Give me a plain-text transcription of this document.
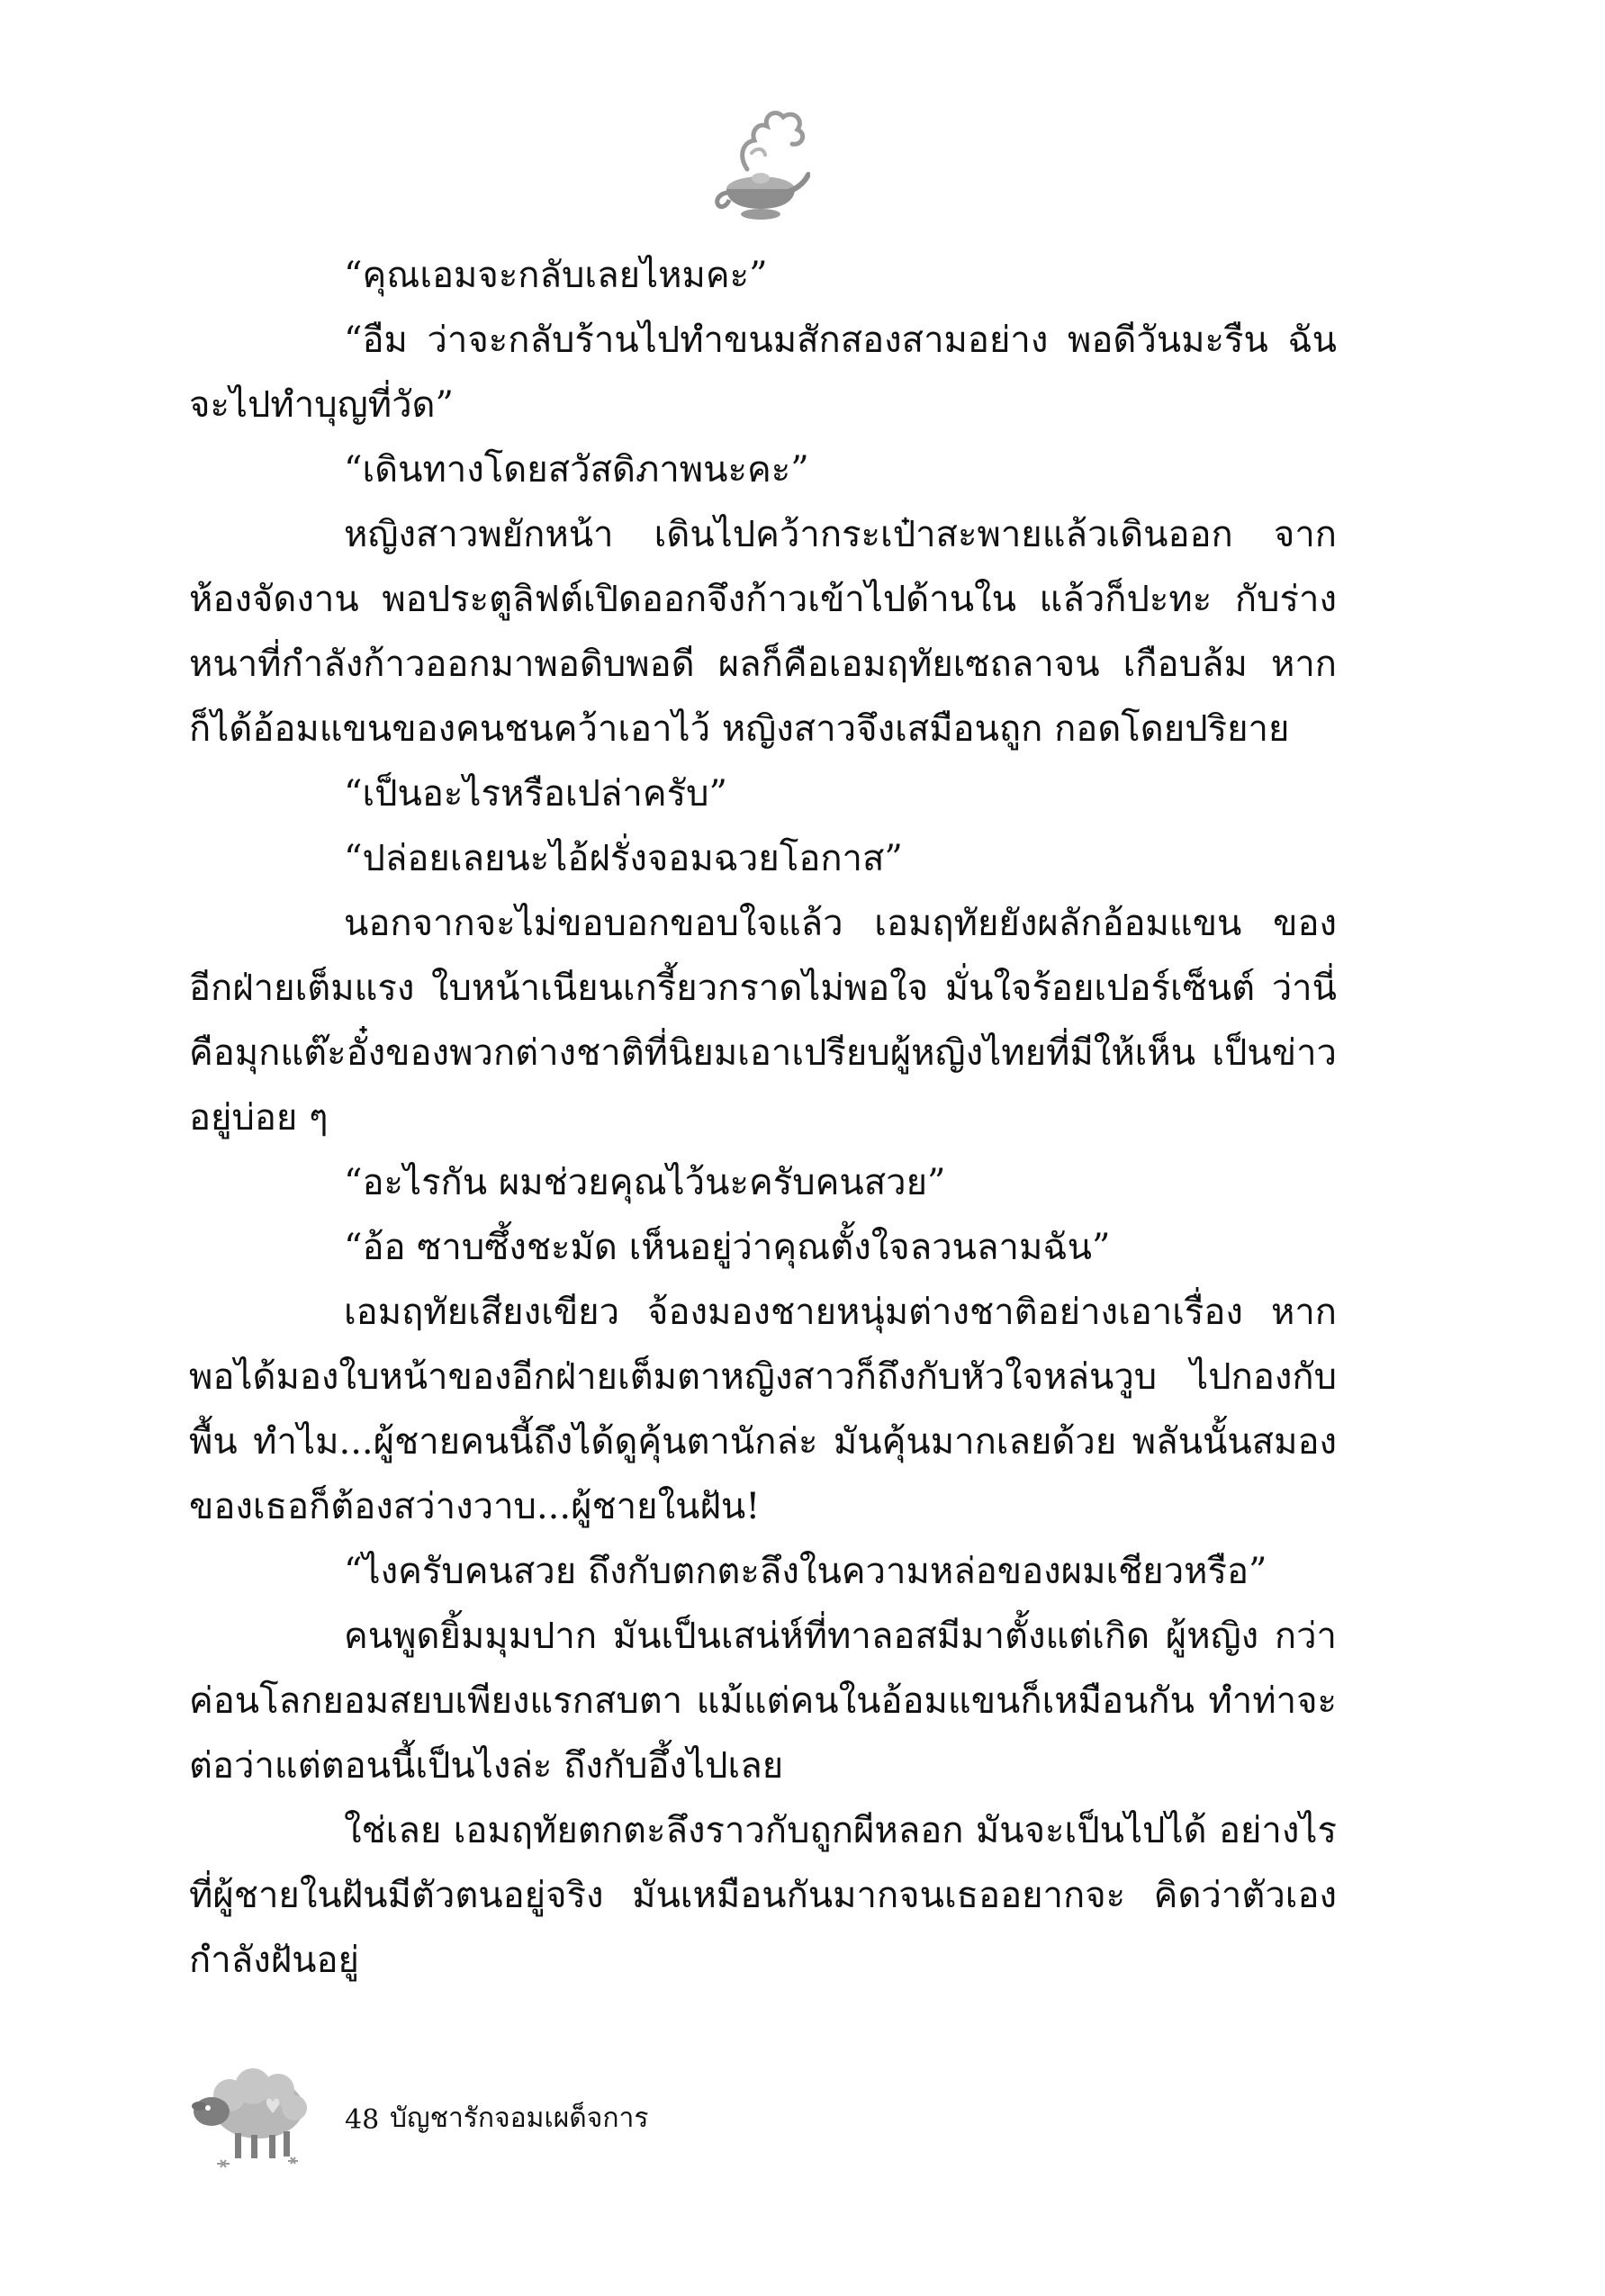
“คุณเอมจะกลับเลยไหมคะ”

“อืม ว่าจะกลับร้านไปทำขนมสักสองสามอย่าง พอดีวันมะรืน ฉันจะไปทำบุญที่วัด”

“เดินทางโดยสวัสดิภาพนะคะ”

หญิงสาวพยักหน้า เดินไปคว้ากระเป๋าสะพายแล้วเดินออก จากห้องจัดงาน พอประตูลิฟต์เปิดออกจึงก้าวเข้าไปด้านใน แล้วก็ปะทะ กับร่างหนาที่กำลังก้าวออกมาพอดิบพอดี ผลก็คือเอมฤทัยเซถลาจน เกือบล้ม หากก็ได้อ้อมแขนของคนชนคว้าเอาไว้ หญิงสาวจึงเสมือนถูก กอดโดยปริยาย

“เป็นอะไรหรือเปล่าครับ”

“ปล่อยเลยนะไอ้ฝรั่งจอมฉวยโอกาส”

นอกจากจะไม่ขอบอกขอบใจแล้ว เอมฤทัยยังผลักอ้อมแขน ของอีกฝ่ายเต็มแรง ใบหน้าเนียนเกรี้ยวกราดไม่พอใจ มั่นใจร้อยเปอร์เซ็นต์ ว่านี่คือมุกแต๊ะอั๋งของพวกต่างชาติที่นิยมเอาเปรียบผู้หญิงไทยที่มีให้เห็น เป็นข่าวอยู่บ่อย ๆ

“อะไรกัน ผมช่วยคุณไว้นะครับคนสวย”

“อ้อ ซาบซึ้งชะมัด เห็นอยู่ว่าคุณตั้งใจลวนลามฉัน”

เอมฤทัยเสียงเขียว จ้องมองชายหนุ่มต่างชาติอย่างเอาเรื่อง หากพอได้มองใบหน้าของอีกฝ่ายเต็มตาหญิงสาวก็ถึงกับหัวใจหล่นวูบ ไปกองกับพื้น ทำไม...ผู้ชายคนนี้ถึงได้ดูคุ้นตานักล่ะ มันคุ้นมากเลยด้วย พลันนั้นสมองของเธอก็ต้องสว่างวาบ...ผู้ชายในฝัน!

“ไงครับคนสวย ถึงกับตกตะลึงในความหล่อของผมเชียวหรือ”

คนพูดยิ้มมุมปาก มันเป็นเสน่ห์ที่ทาลอสมีมาตั้งแต่เกิด ผู้หญิง กว่าค่อนโลกยอมสยบเพียงแรกสบตา แม้แต่คนในอ้อมแขนก็เหมือนกัน ทำท่าจะต่อว่าแต่ตอนนี้เป็นไงล่ะ ถึงกับอึ้งไปเลย

ใช่เลย เอมฤทัยตกตะลึงราวกับถูกผีหลอก มันจะเป็นไปได้ อย่างไรที่ผู้ชายในฝันมีตัวตนอยู่จริง มันเหมือนกันมากจนเธออยากจะ คิดว่าตัวเองกำลังฝันอยู่

48 บัญชารักจอมเผด็จการ
